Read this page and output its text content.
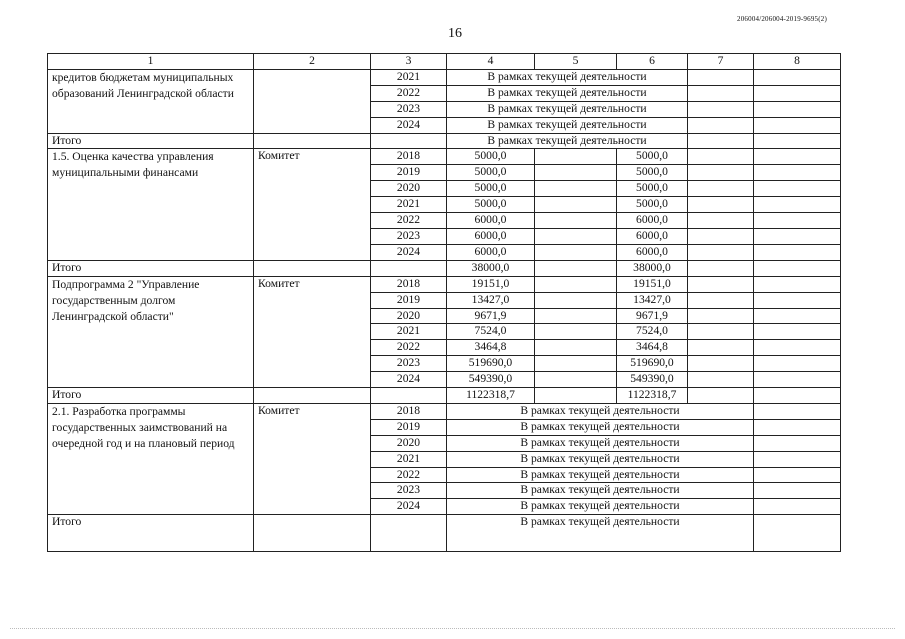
206004/206004-2019-9695(2)
16
1	2	3	4	5	6	7	8
кредитов бюджетам муниципальных образований Ленинградской области		2021	В рамках текущей деятельности				
		2022	В рамках текущей деятельности				
		2023	В рамках текущей деятельности				
		2024	В рамках текущей деятельности				
Итого			В рамках текущей деятельности				
1.5. Оценка качества управления муниципальными финансами	Комитет	2018	5000,0		5000,0		
		2019	5000,0		5000,0		
		2020	5000,0		5000,0		
		2021	5000,0		5000,0		
		2022	6000,0		6000,0		
		2023	6000,0		6000,0		
		2024	6000,0		6000,0		
Итого			38000,0		38000,0		
Подпрограмма 2 "Управление государственным долгом Ленинградской области"	Комитет	2018	19151,0		19151,0		
		2019	13427,0		13427,0		
		2020	9671,9		9671,9		
		2021	7524,0		7524,0		
		2022	3464,8		3464,8		
		2023	519690,0		519690,0		
		2024	549390,0		549390,0		
Итого			1122318,7		1122318,7		
2.1. Разработка программы государственных заимствований на очередной год и на плановый период	Комитет	2018	В рамках текущей деятельности				
		2019	В рамках текущей деятельности				
		2020	В рамках текущей деятельности				
		2021	В рамках текущей деятельности				
		2022	В рамках текущей деятельности				
		2023	В рамках текущей деятельности				
		2024	В рамках текущей деятельности				
Итого			В рамках текущей деятельности				
